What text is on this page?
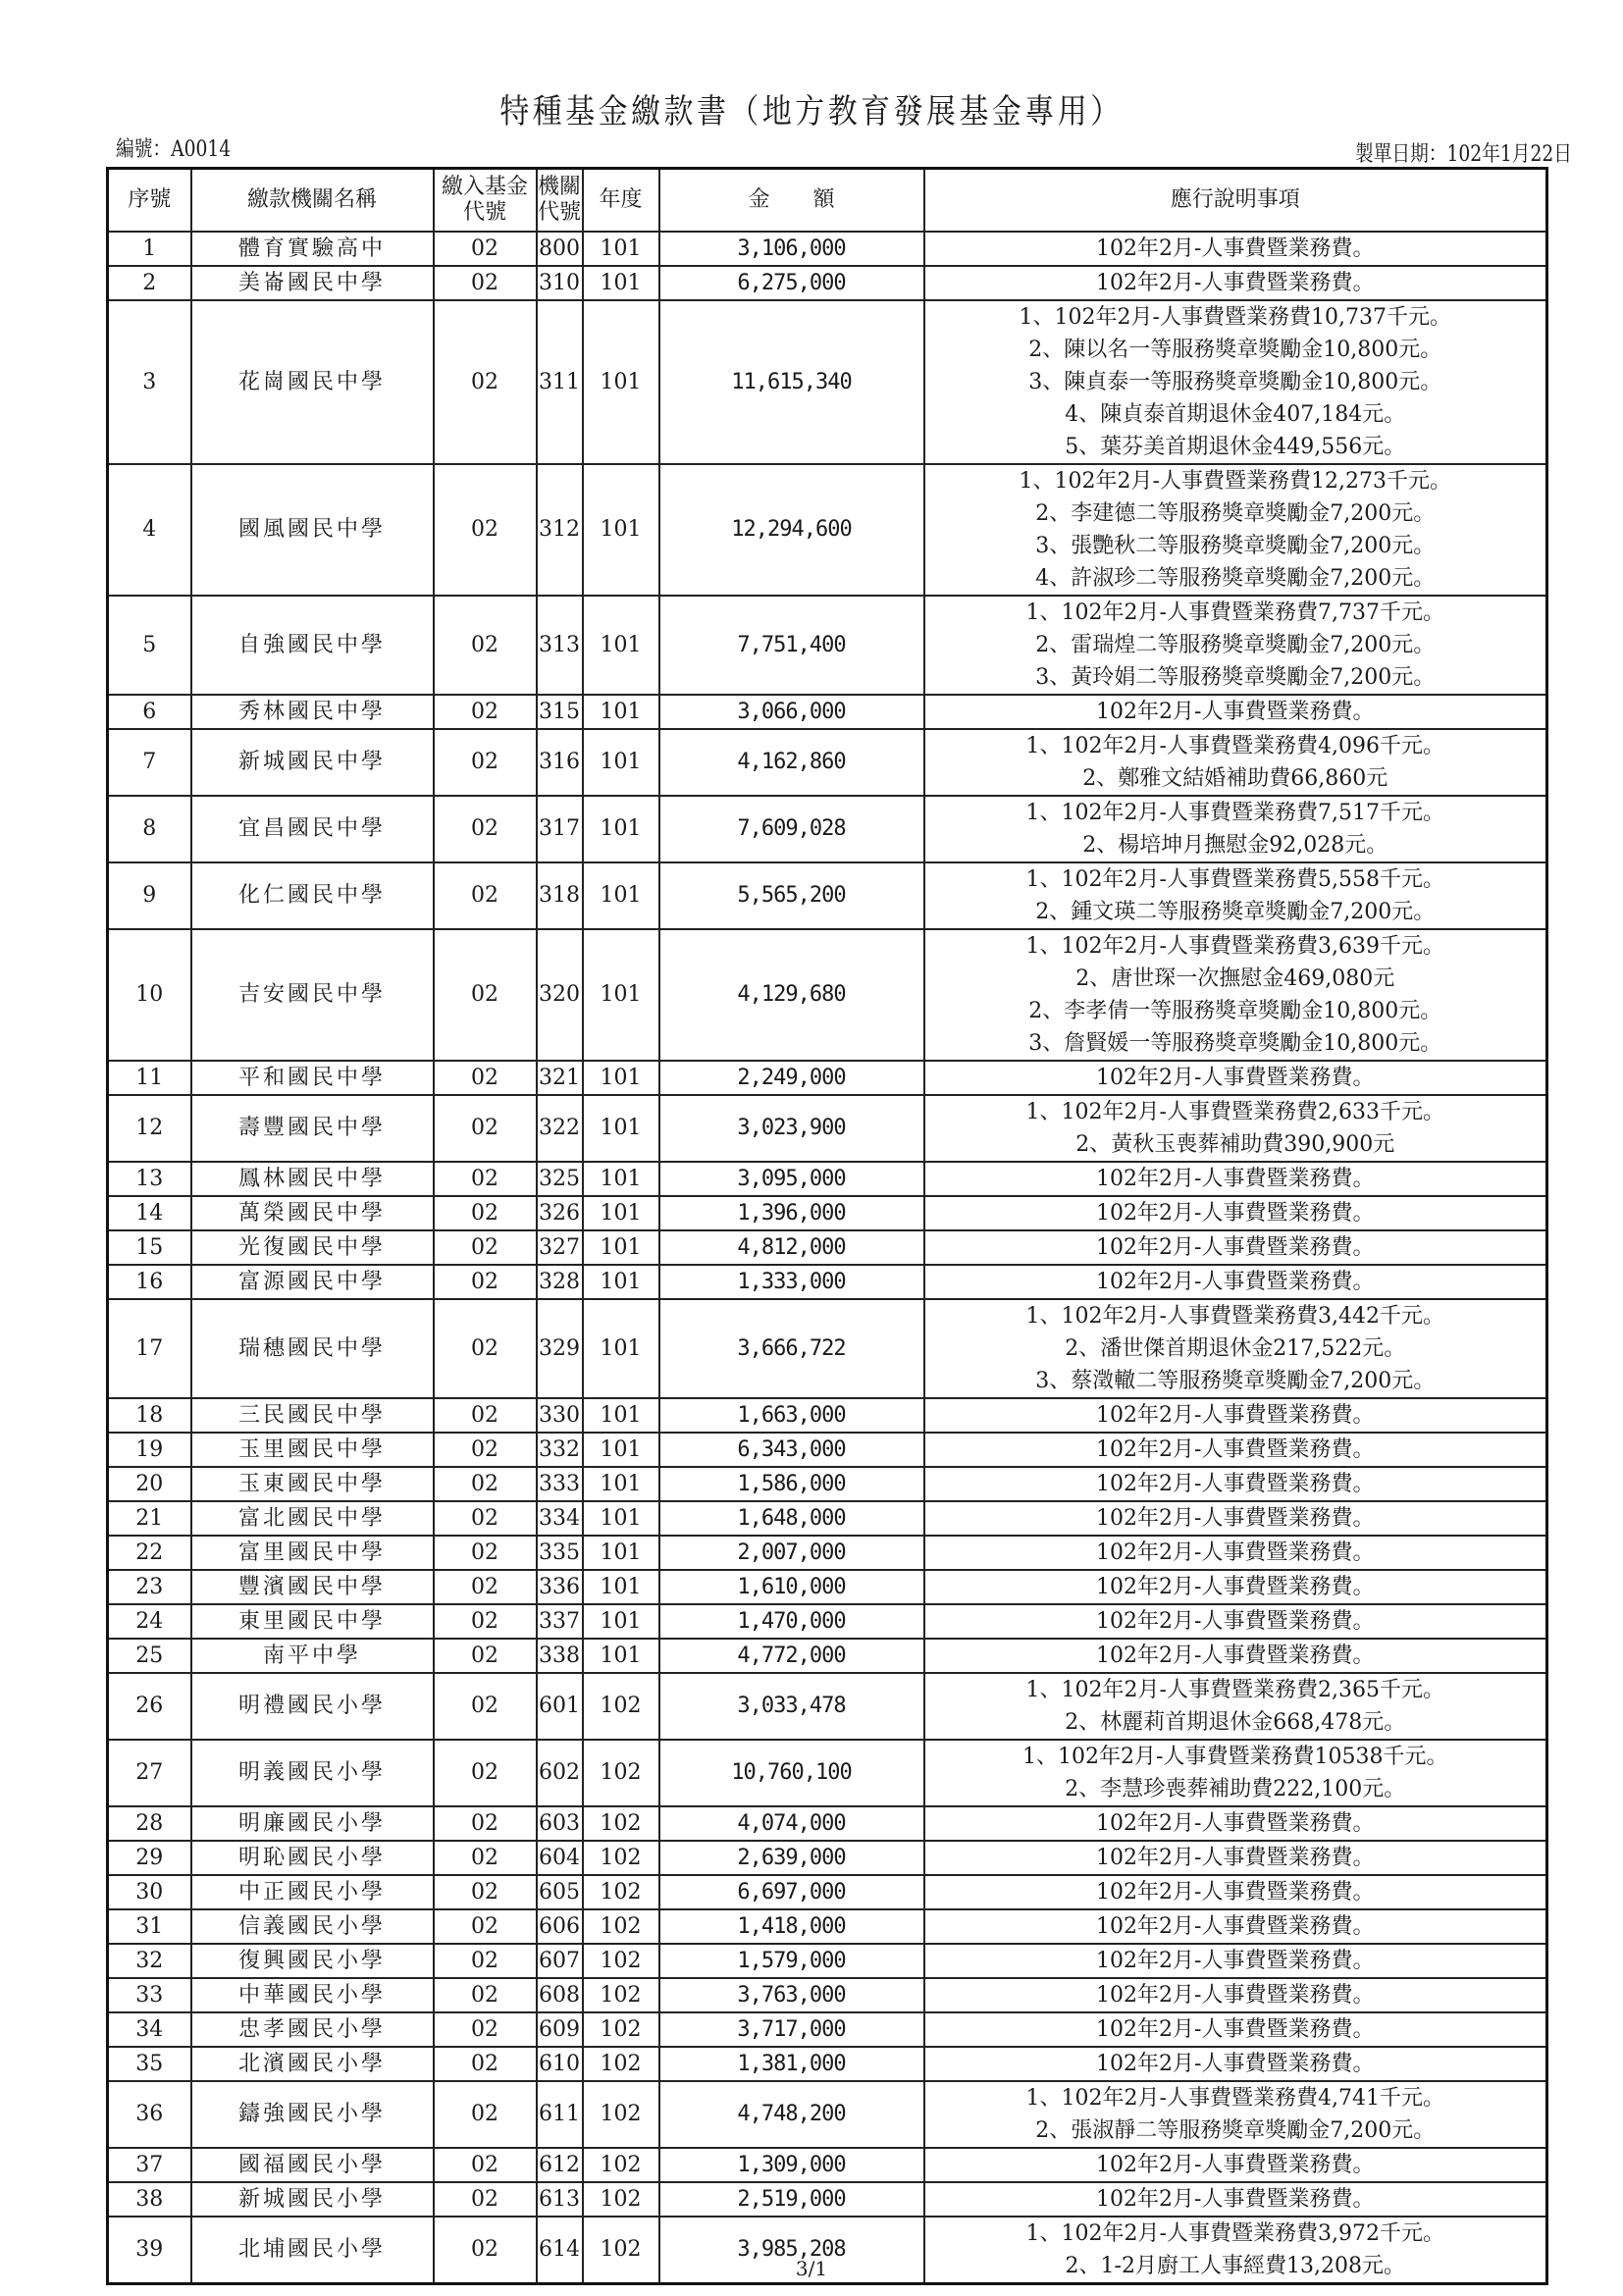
特種基金繳款書（地方教育發展基金專用）
編號：A0014	製單日期：102年1月22日
序號	繳款機關名稱	繳入基金代號	機關代號	年度	金　　額	應行說明事項
1	體育實驗高中	02	800	101	3,106,000	102年2月-人事費暨業務費。

2	美崙國民中學	02	310	101	6,275,000	102年2月-人事費暨業務費。

3	花崗國民中學	02	311	101	11,615,340	1、102年2月-人事費暨業務費10,737千元。
2、陳以名一等服務獎章獎勵金10,800元。
3、陳貞泰一等服務獎章獎勵金10,800元。
4、陳貞泰首期退休金407,184元。
5、葉芬美首期退休金449,556元。

4	國風國民中學	02	312	101	12,294,600	1、102年2月-人事費暨業務費12,273千元。
2、李建德二等服務獎章獎勵金7,200元。
3、張艷秋二等服務獎章獎勵金7,200元。
4、許淑珍二等服務獎章獎勵金7,200元。

5	自強國民中學	02	313	101	7,751,400	1、102年2月-人事費暨業務費7,737千元。
2、雷瑞煌二等服務獎章獎勵金7,200元。
3、黃玲娟二等服務獎章獎勵金7,200元。

6	秀林國民中學	02	315	101	3,066,000	102年2月-人事費暨業務費。

7	新城國民中學	02	316	101	4,162,860	1、102年2月-人事費暨業務費4,096千元。
2、鄭雅文結婚補助費66,860元

8	宜昌國民中學	02	317	101	7,609,028	1、102年2月-人事費暨業務費7,517千元。
2、楊培坤月撫慰金92,028元。

9	化仁國民中學	02	318	101	5,565,200	1、102年2月-人事費暨業務費5,558千元。
2、鍾文瑛二等服務獎章獎勵金7,200元。

10	吉安國民中學	02	320	101	4,129,680	1、102年2月-人事費暨業務費3,639千元。
2、唐世琛一次撫慰金469,080元
2、李孝倩一等服務獎章獎勵金10,800元。
3、詹賢媛一等服務獎章獎勵金10,800元。

11	平和國民中學	02	321	101	2,249,000	102年2月-人事費暨業務費。

12	壽豐國民中學	02	322	101	3,023,900	1、102年2月-人事費暨業務費2,633千元。
2、黃秋玉喪葬補助費390,900元

13	鳳林國民中學	02	325	101	3,095,000	102年2月-人事費暨業務費。

14	萬榮國民中學	02	326	101	1,396,000	102年2月-人事費暨業務費。

15	光復國民中學	02	327	101	4,812,000	102年2月-人事費暨業務費。

16	富源國民中學	02	328	101	1,333,000	102年2月-人事費暨業務費。

17	瑞穗國民中學	02	329	101	3,666,722	1、102年2月-人事費暨業務費3,442千元。
2、潘世傑首期退休金217,522元。
3、蔡澂轍二等服務獎章獎勵金7,200元。

18	三民國民中學	02	330	101	1,663,000	102年2月-人事費暨業務費。

19	玉里國民中學	02	332	101	6,343,000	102年2月-人事費暨業務費。

20	玉東國民中學	02	333	101	1,586,000	102年2月-人事費暨業務費。

21	富北國民中學	02	334	101	1,648,000	102年2月-人事費暨業務費。

22	富里國民中學	02	335	101	2,007,000	102年2月-人事費暨業務費。

23	豐濱國民中學	02	336	101	1,610,000	102年2月-人事費暨業務費。

24	東里國民中學	02	337	101	1,470,000	102年2月-人事費暨業務費。

25	南平中學	02	338	101	4,772,000	102年2月-人事費暨業務費。

26	明禮國民小學	02	601	102	3,033,478	1、102年2月-人事費暨業務費2,365千元。
2、林麗莉首期退休金668,478元。

27	明義國民小學	02	602	102	10,760,100	1、102年2月-人事費暨業務費10538千元。
2、李慧珍喪葬補助費222,100元。

28	明廉國民小學	02	603	102	4,074,000	102年2月-人事費暨業務費。

29	明恥國民小學	02	604	102	2,639,000	102年2月-人事費暨業務費。

30	中正國民小學	02	605	102	6,697,000	102年2月-人事費暨業務費。

31	信義國民小學	02	606	102	1,418,000	102年2月-人事費暨業務費。

32	復興國民小學	02	607	102	1,579,000	102年2月-人事費暨業務費。

33	中華國民小學	02	608	102	3,763,000	102年2月-人事費暨業務費。

34	忠孝國民小學	02	609	102	3,717,000	102年2月-人事費暨業務費。

35	北濱國民小學	02	610	102	1,381,000	102年2月-人事費暨業務費。

36	鑄強國民小學	02	611	102	4,748,200	1、102年2月-人事費暨業務費4,741千元。
2、張淑靜二等服務獎章獎勵金7,200元。

37	國福國民小學	02	612	102	1,309,000	102年2月-人事費暨業務費。

38	新城國民小學	02	613	102	2,519,000	102年2月-人事費暨業務費。

39	北埔國民小學	02	614	102	3,985,208	1、102年2月-人事費暨業務費3,972千元。
2、1-2月廚工人事經費13,208元。
3/1
